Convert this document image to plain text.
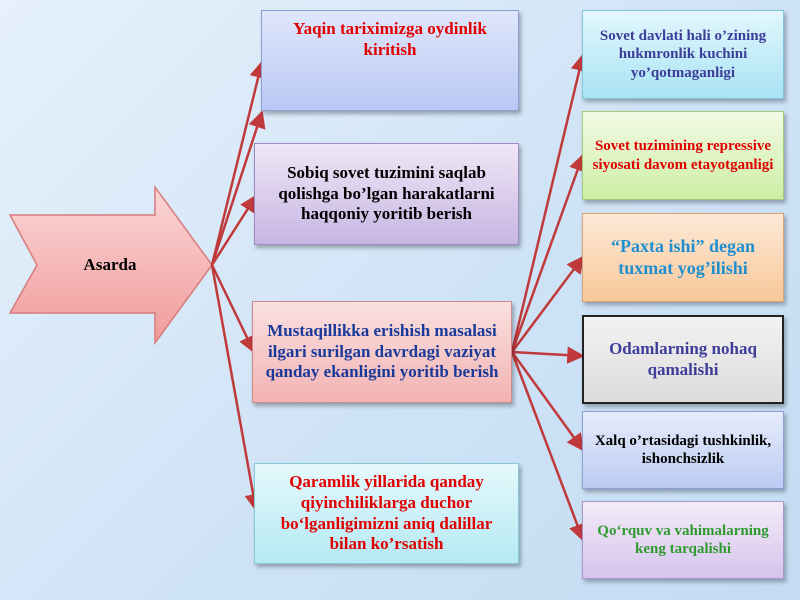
Asarda
Yaqin tariximizga oydinlik kiritish
Sobiq sovet tuzimini saqlab qolishga bo’lgan harakatlarni haqqoniy yoritib berish
Mustaqillikka erishish masalasi ilgari surilgan davrdagi vaziyat qanday ekanligini yoritib berish
Qaramlik yillarida qanday qiyinchiliklarga duchor bo‘lganligimizni aniq dalillar bilan ko’rsatish
Sovet davlati hali o’zining hukmronlik kuchini yo’qotmaganligi
Sovet tuzimining repressive siyosati davom etayotganligi
“Paxta ishi” degan tuxmat yog’ilishi
Odamlarning nohaq qamalishi
Xalq o’rtasidagi tushkinlik, ishonchsizlik
Qo‘rquv va vahimalarning keng tarqalishi
